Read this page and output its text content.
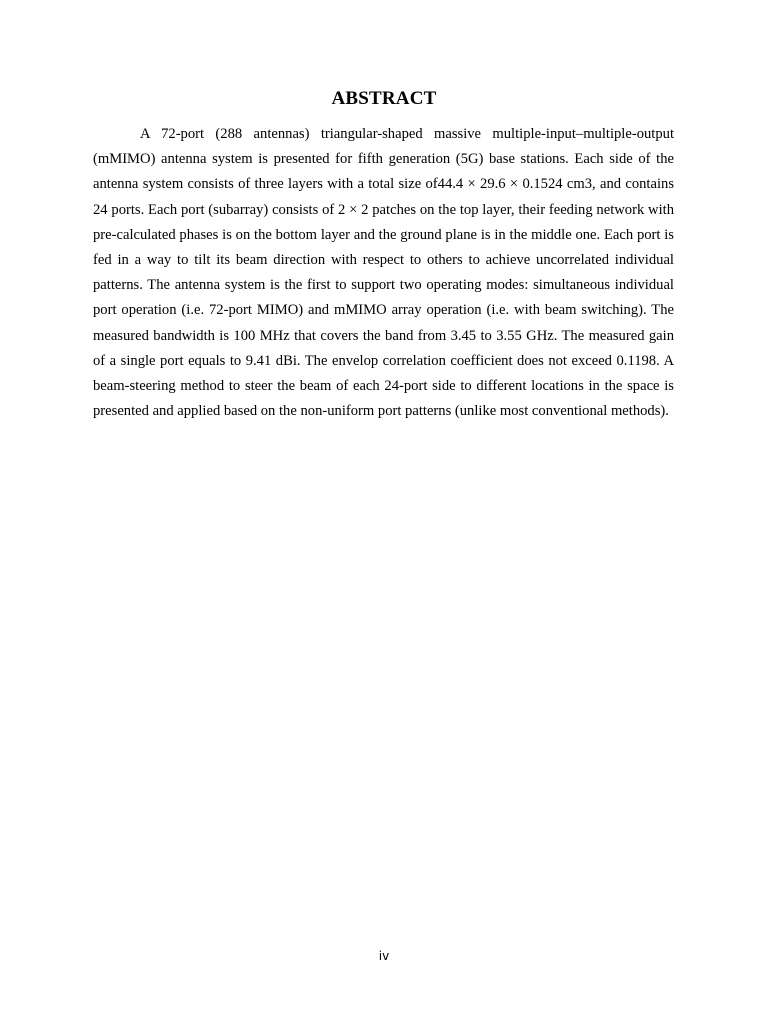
ABSTRACT

A 72-port (288 antennas) triangular-shaped massive multiple-input–multiple-output (mMIMO) antenna system is presented for fifth generation (5G) base stations. Each side of the antenna system consists of three layers with a total size of44.4 × 29.6 × 0.1524 cm3, and contains 24 ports. Each port (subarray) consists of 2 × 2 patches on the top layer, their feeding network with pre-calculated phases is on the bottom layer and the ground plane is in the middle one. Each port is fed in a way to tilt its beam direction with respect to others to achieve uncorrelated individual patterns. The antenna system is the first to support two operating modes: simultaneous individual port operation (i.e. 72-port MIMO) and mMIMO array operation (i.e. with beam switching). The measured bandwidth is 100 MHz that covers the band from 3.45 to 3.55 GHz. The measured gain of a single port equals to 9.41 dBi. The envelop correlation coefficient does not exceed 0.1198. A beam-steering method to steer the beam of each 24-port side to different locations in the space is presented and applied based on the non-uniform port patterns (unlike most conventional methods).

iv
